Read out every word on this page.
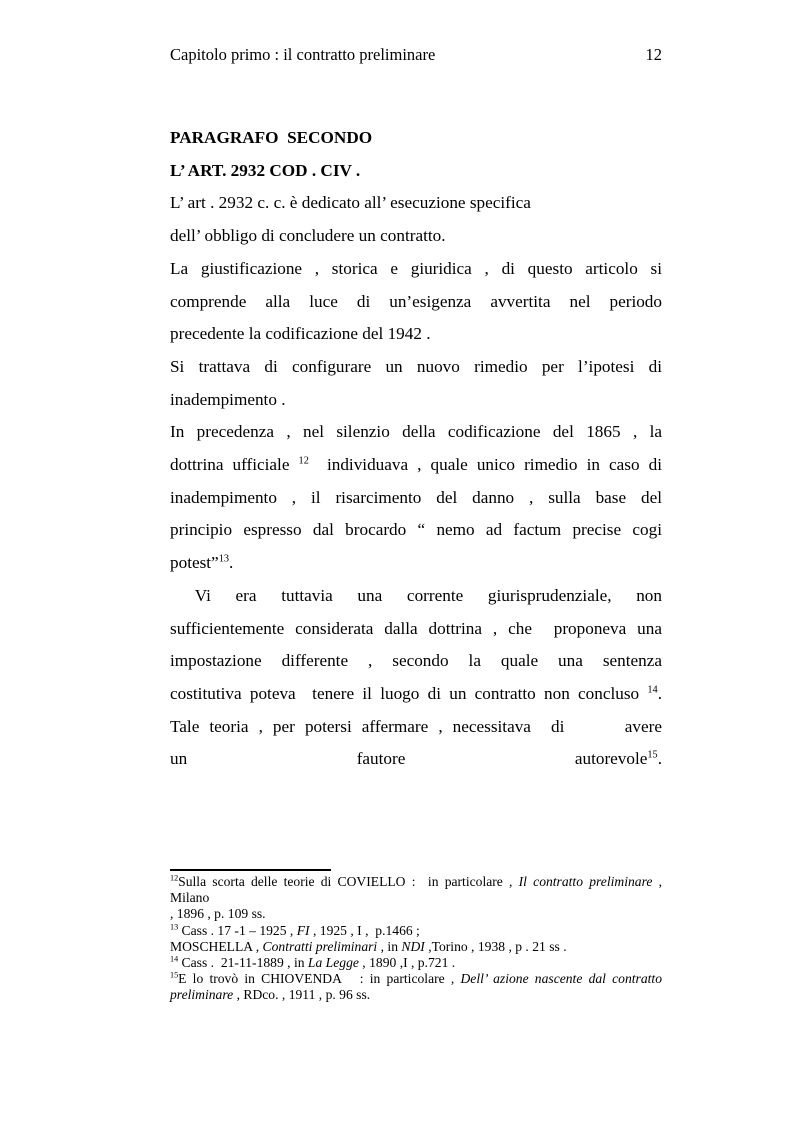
Capitolo primo : il contratto preliminare	12
PARAGRAFO  SECONDO
L’ ART. 2932 COD . CIV .
L’ art . 2932 c. c. è dedicato all’ esecuzione specifica
dell’ obbligo di concludere un contratto.
La giustificazione , storica e giuridica , di questo articolo si
comprende alla luce di un’esigenza avvertita nel periodo
precedente la codificazione del 1942 .
Si trattava di configurare un nuovo rimedio per l’ipotesi di
inadempimento .
In precedenza , nel silenzio della codificazione del 1865 , la
dottrina ufficiale $^{12}$  individuava , quale unico rimedio in caso di
inadempimento , il risarcimento del danno , sulla base del
principio espresso dal brocardo “ nemo ad factum precise cogi
potest”$^{13}$.
Vi era tuttavia una corrente giurisprudenziale, non
sufficientemente considerata dalla dottrina , che  proponeva una
impostazione differente , secondo la quale una sentenza
costitutiva poteva  tenere il luogo di un contratto non concluso $^{14}$.
Tale teoria , per potersi affermare , necessitava  di      avere
un fautore autorevole$^{15}$.
$^{12}$Sulla scorta delle teorie di COVIELLO :  in particolare , Il contratto preliminare , Milano
, 1896 , p. 109 ss.
$^{13}$ Cass . 17 -1 – 1925 , FI , 1925 , I ,  p.1466 ;
MOSCHELLA , Contratti preliminari , in NDI ,Torino , 1938 , p . 21 ss .
$^{14}$ Cass .  21-11-1889 , in La Legge , 1890 ,I , p.721 .
$^{15}$E lo trovò in CHIOVENDA   : in particolare , Dell’ azione nascente dal contratto
preliminare , RDco. , 1911 , p. 96 ss.
